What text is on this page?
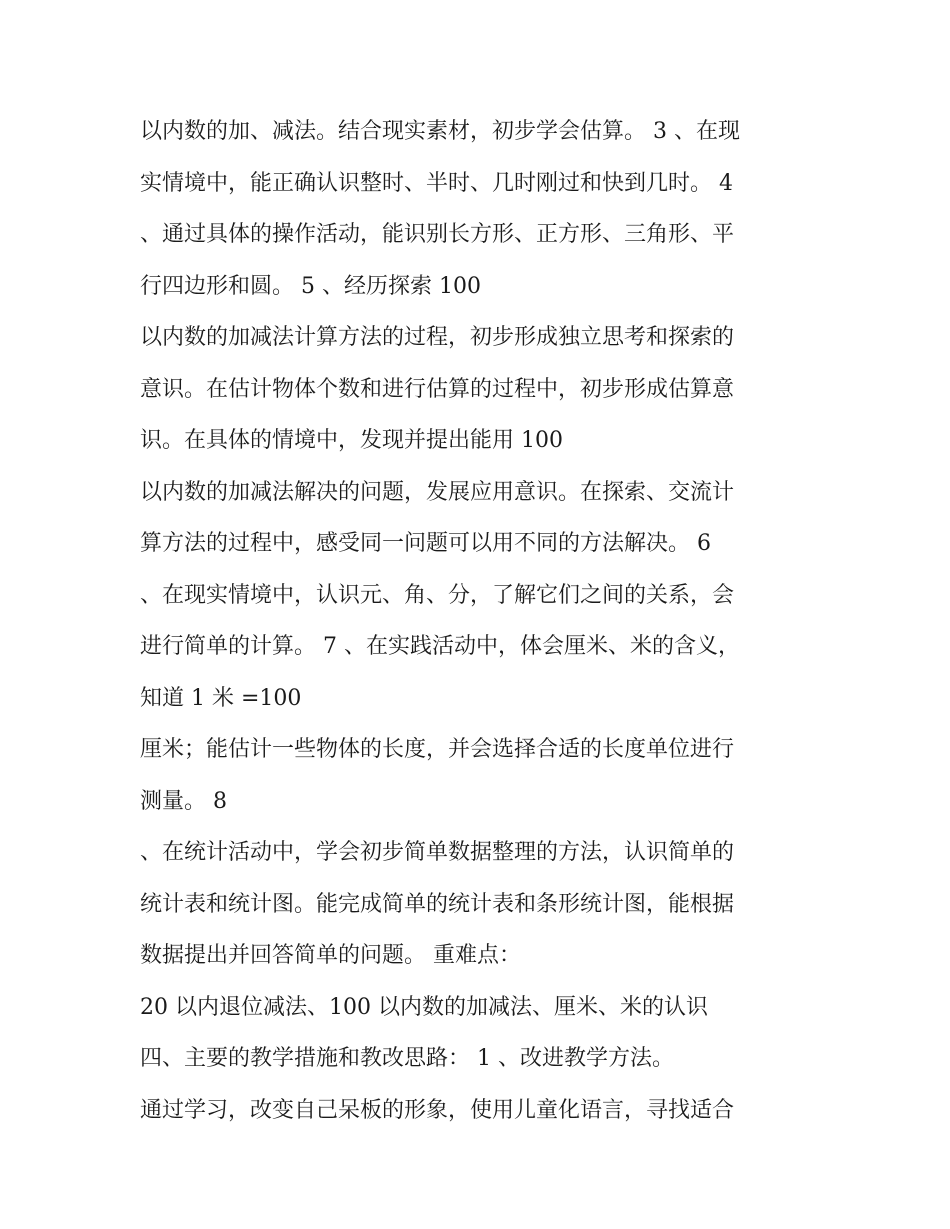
以内数的加、减法。结合现实素材，初步学会估算。 3 、在现
实情境中，能正确认识整时、半时、几时刚过和快到几时。 4
、通过具体的操作活动，能识别长方形、正方形、三角形、平
行四边形和圆。 5 、经历探索 100
以内数的加减法计算方法的过程，初步形成独立思考和探索的
意识。在估计物体个数和进行估算的过程中，初步形成估算意
识。在具体的情境中，发现并提出能用 100
以内数的加减法解决的问题，发展应用意识。在探索、交流计
算方法的过程中，感受同一问题可以用不同的方法解决。 6
、在现实情境中，认识元、角、分，了解它们之间的关系，会
进行简单的计算。 7 、在实践活动中，体会厘米、米的含义，
知道 1 米 =100
厘米；能估计一些物体的长度，并会选择合适的长度单位进行
测量。 8
、在统计活动中，学会初步简单数据整理的方法，认识简单的
统计表和统计图。能完成简单的统计表和条形统计图，能根据
数据提出并回答简单的问题。 重难点：
20 以内退位减法、100 以内数的加减法、厘米、米的认识
四、主要的教学措施和教改思路： 1 、改进教学方法。
通过学习，改变自己呆板的形象，使用儿童化语言，寻找适合
